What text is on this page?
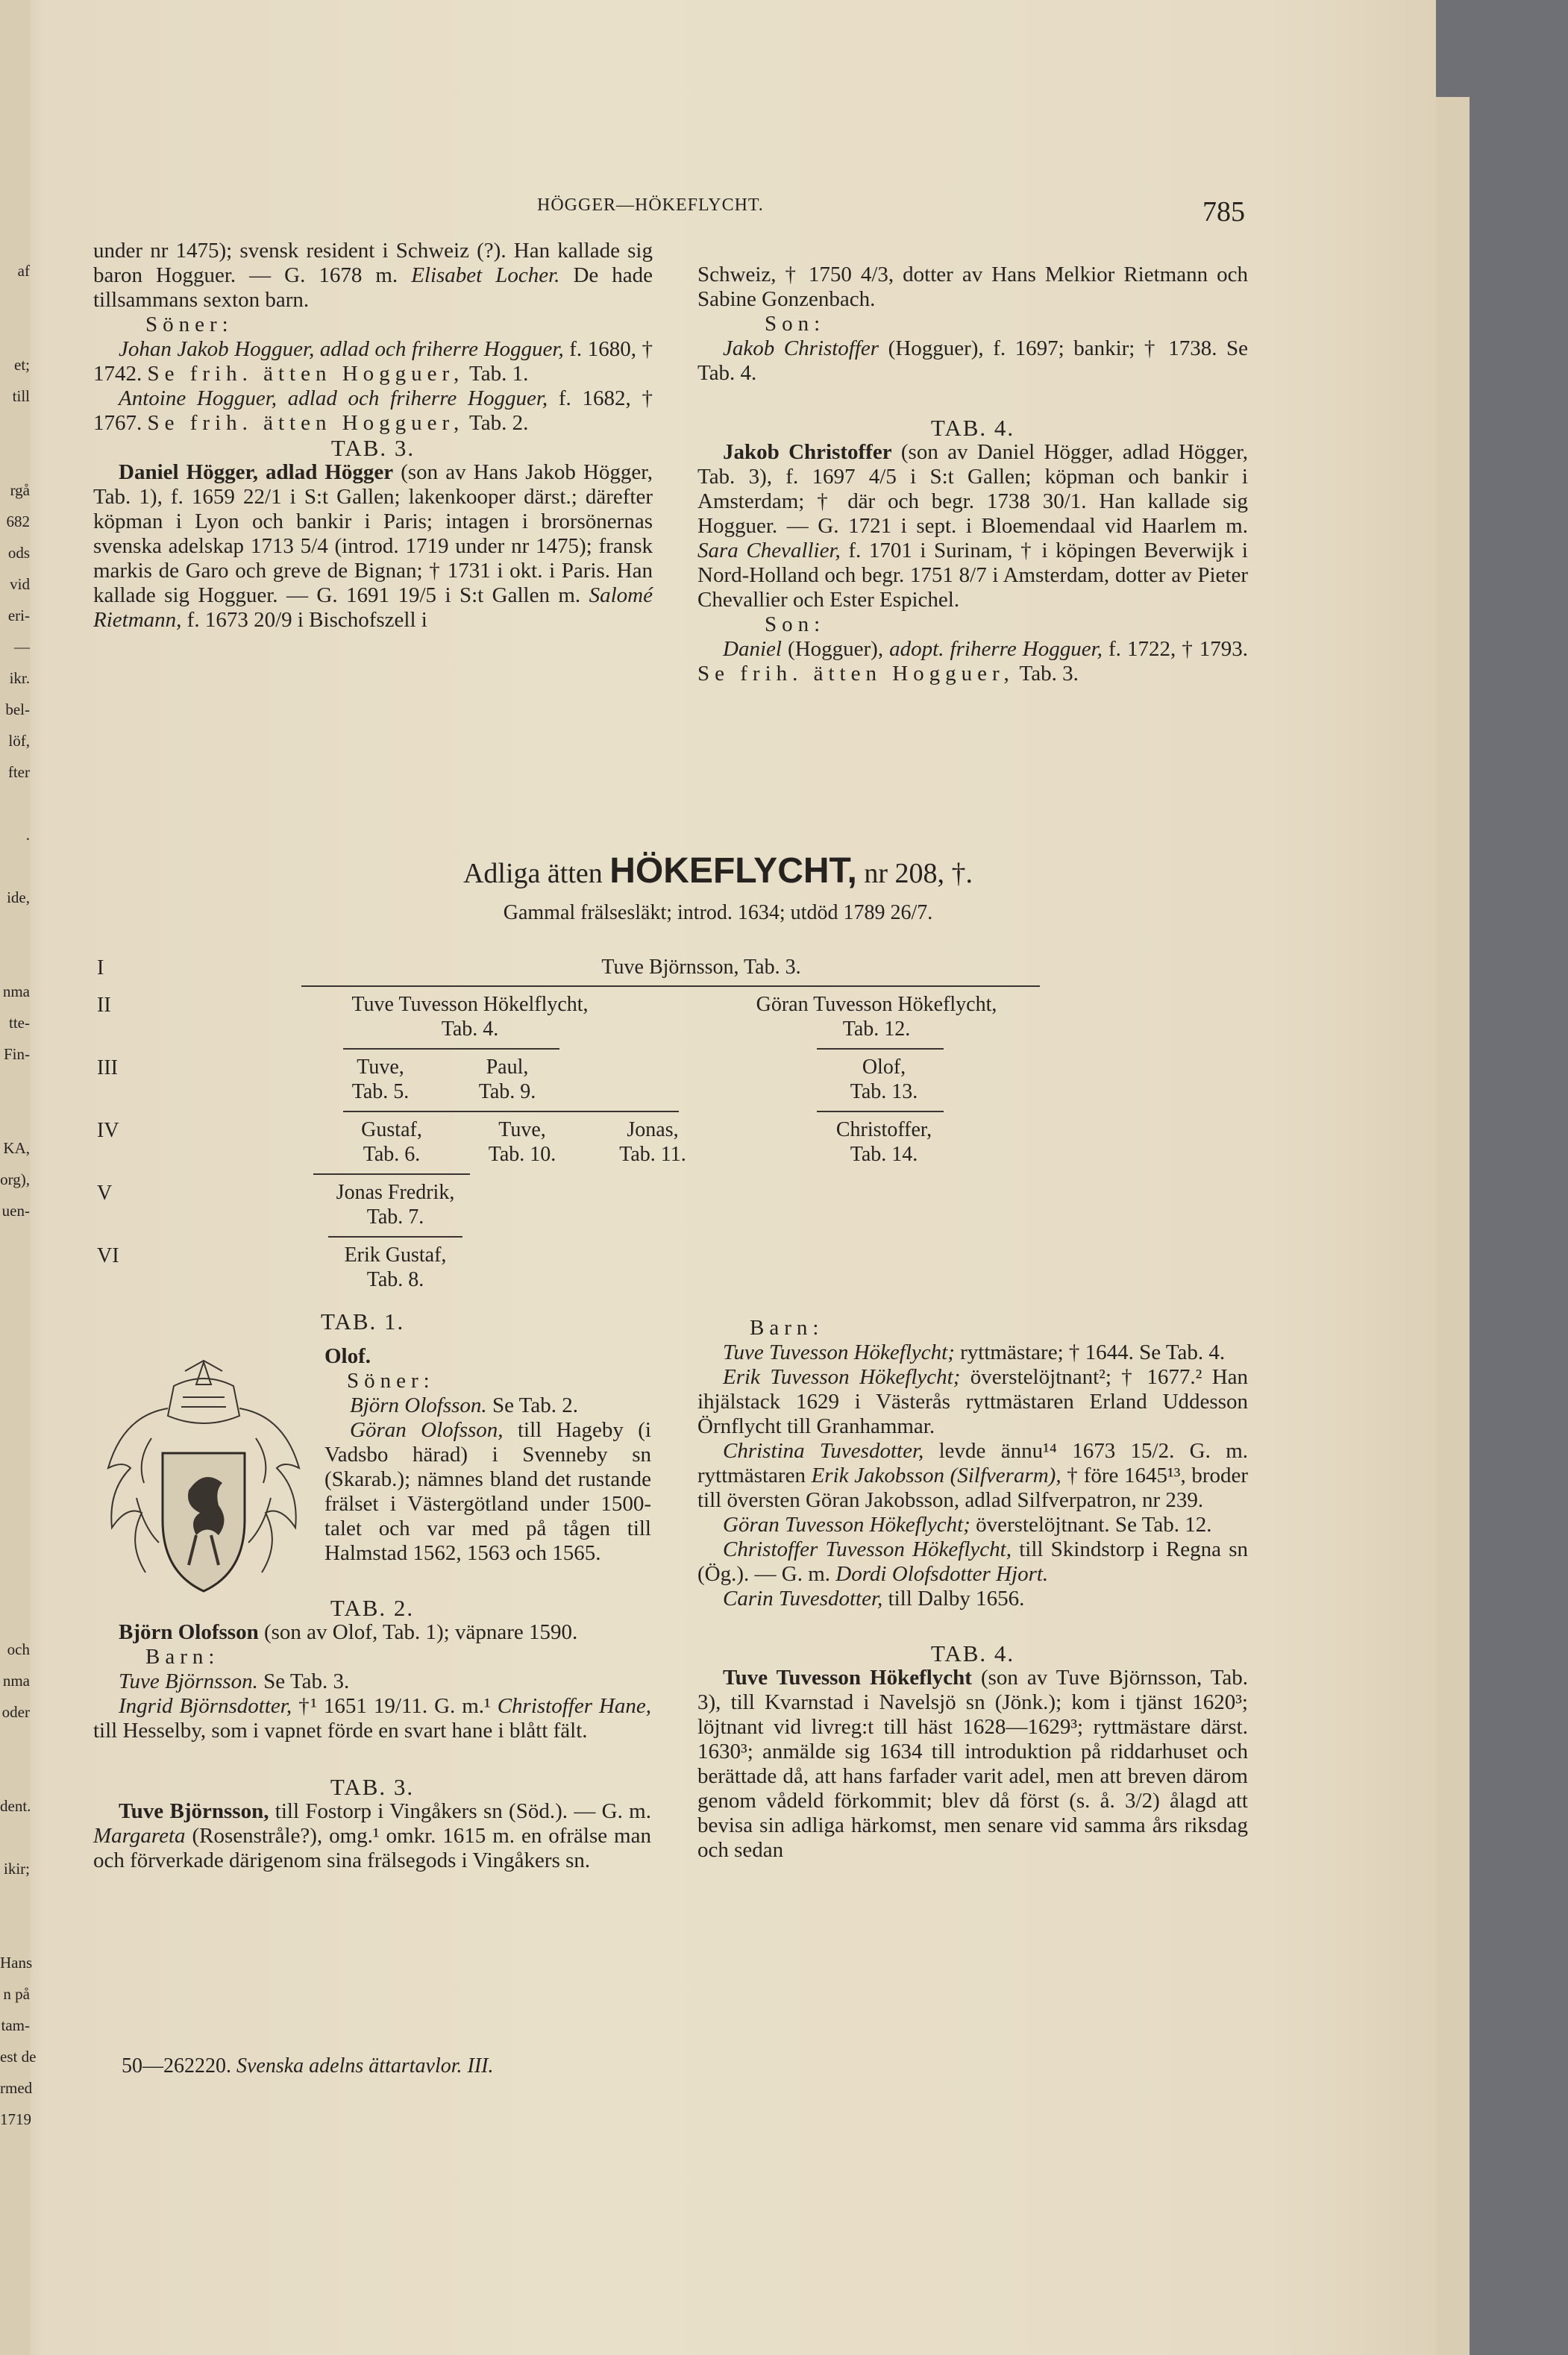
af
et;
till
rgå
682
ods
vid
eri-
—
ikr.
bel-
löf,
fter
.
ide,
nma
tte-
Fin-
KA,
org),
uen-
och
nma
oder
dent.
ikir;
Hans
n på
tam-
est de
rmed
1719
HÖGGER—HÖKEFLYCHT.	785

under nr 1475); svensk resident i Schweiz (?). Han kallade sig baron Hogguer. — G. 1678 m. Elisabet Locher. De hade tillsammans sexton barn.

Söner:

Johan Jakob Hogguer, adlad och friherre Hogguer, f. 1680, † 1742. Se frih. ätten Hogguer, Tab. 1.

Antoine Hogguer, adlad och friherre Hogguer, f. 1682, † 1767. Se frih. ätten Hogguer, Tab. 2.

TAB. 3.

Daniel Högger, adlad Högger (son av Hans Jakob Högger, Tab. 1), f. 1659 22/1 i S:t Gallen; lakenkooper därst.; därefter köpman i Lyon och bankir i Paris; intagen i brorsönernas svenska adelskap 1713 5/4 (introd. 1719 under nr 1475); fransk markis de Garo och greve de Bignan; † 1731 i okt. i Paris. Han kallade sig Hogguer. — G. 1691 19/5 i S:t Gallen m. Salomé Rietmann, f. 1673 20/9 i Bischofszell i

Schweiz, † 1750 4/3, dotter av Hans Melkior Rietmann och Sabine Gonzenbach.

Son:

Jakob Christoffer (Hogguer), f. 1697; bankir; † 1738. Se Tab. 4.

TAB. 4.

Jakob Christoffer (son av Daniel Högger, adlad Högger, Tab. 3), f. 1697 4/5 i S:t Gallen; köpman och bankir i Amsterdam; † där och begr. 1738 30/1. Han kallade sig Hogguer. — G. 1721 i sept. i Bloemendaal vid Haarlem m. Sara Chevallier, f. 1701 i Surinam, † i köpingen Beverwijk i Nord-Holland och begr. 1751 8/7 i Amsterdam, dotter av Pieter Chevallier och Ester Espichel.

Son:

Daniel (Hogguer), adopt. friherre Hogguer, f. 1722, † 1793. Se frih. ätten Hogguer, Tab. 3.

Adliga ätten HÖKEFLYCHT, nr 208, †.
Gammal frälsesläkt; introd. 1634; utdöd 1789 26/7.
I
II
III
IV
V
VI
Tuve Björnsson, Tab. 3.
Tuve Tuvesson Hökelflycht,
Tab. 4.
Göran Tuvesson Hökeflycht,
Tab. 12.
Tuve,
Tab. 5.
Paul,
Tab. 9.
Olof,
Tab. 13.
Gustaf,
Tab. 6.
Tuve,
Tab. 10.
Jonas,
Tab. 11.
Christoffer,
Tab. 14.
Jonas Fredrik,
Tab. 7.
Erik Gustaf,
Tab. 8.

TAB. 1.

Olof.

Söner:

Björn Olofsson. Se Tab. 2.

Göran Olofsson, till Hageby (i Vadsbo härad) i Svenneby sn (Skarab.); nämnes bland det rustande frälset i Västergötland under 1500-talet och var med på tågen till Halmstad 1562, 1563 och 1565.

TAB. 2.

Björn Olofsson (son av Olof, Tab. 1); väpnare 1590.

Barn:

Tuve Björnsson. Se Tab. 3.

Ingrid Björnsdotter, †¹ 1651 19/11. G. m.¹ Christoffer Hane, till Hesselby, som i vapnet förde en svart hane i blått fält.

TAB. 3.

Tuve Björnsson, till Fostorp i Vingåkers sn (Söd.). — G. m. Margareta (Rosenstråle?), omg.¹ omkr. 1615 m. en ofrälse man och förverkade därigenom sina frälsegods i Vingåkers sn.

50—262220. Svenska adelns ättartavlor. III.

Barn:

Tuve Tuvesson Hökeflycht; ryttmästare; † 1644. Se Tab. 4.

Erik Tuvesson Hökeflycht; överstelöjtnant²; † 1677.² Han ihjälstack 1629 i Västerås ryttmästaren Erland Uddesson Örnflycht till Granhammar.

Christina Tuvesdotter, levde ännu¹⁴ 1673 15/2. G. m. ryttmästaren Erik Jakobsson (Silfverarm), † före 1645¹³, broder till översten Göran Jakobsson, adlad Silfverpatron, nr 239.

Göran Tuvesson Hökeflycht; överstelöjtnant. Se Tab. 12.

Christoffer Tuvesson Hökeflycht, till Skindstorp i Regna sn (Ög.). — G. m. Dordi Olofsdotter Hjort.

Carin Tuvesdotter, till Dalby 1656.

TAB. 4.

Tuve Tuvesson Hökeflycht (son av Tuve Björnsson, Tab. 3), till Kvarnstad i Navelsjö sn (Jönk.); kom i tjänst 1620³; löjtnant vid livreg:t till häst 1628—1629³; ryttmästare därst. 1630³; anmälde sig 1634 till introduktion på riddarhuset och berättade då, att hans farfader varit adel, men att breven därom genom vådeld förkommit; blev då först (s. å. 3/2) ålagd att bevisa sin adliga härkomst, men senare vid samma års riksdag och sedan
